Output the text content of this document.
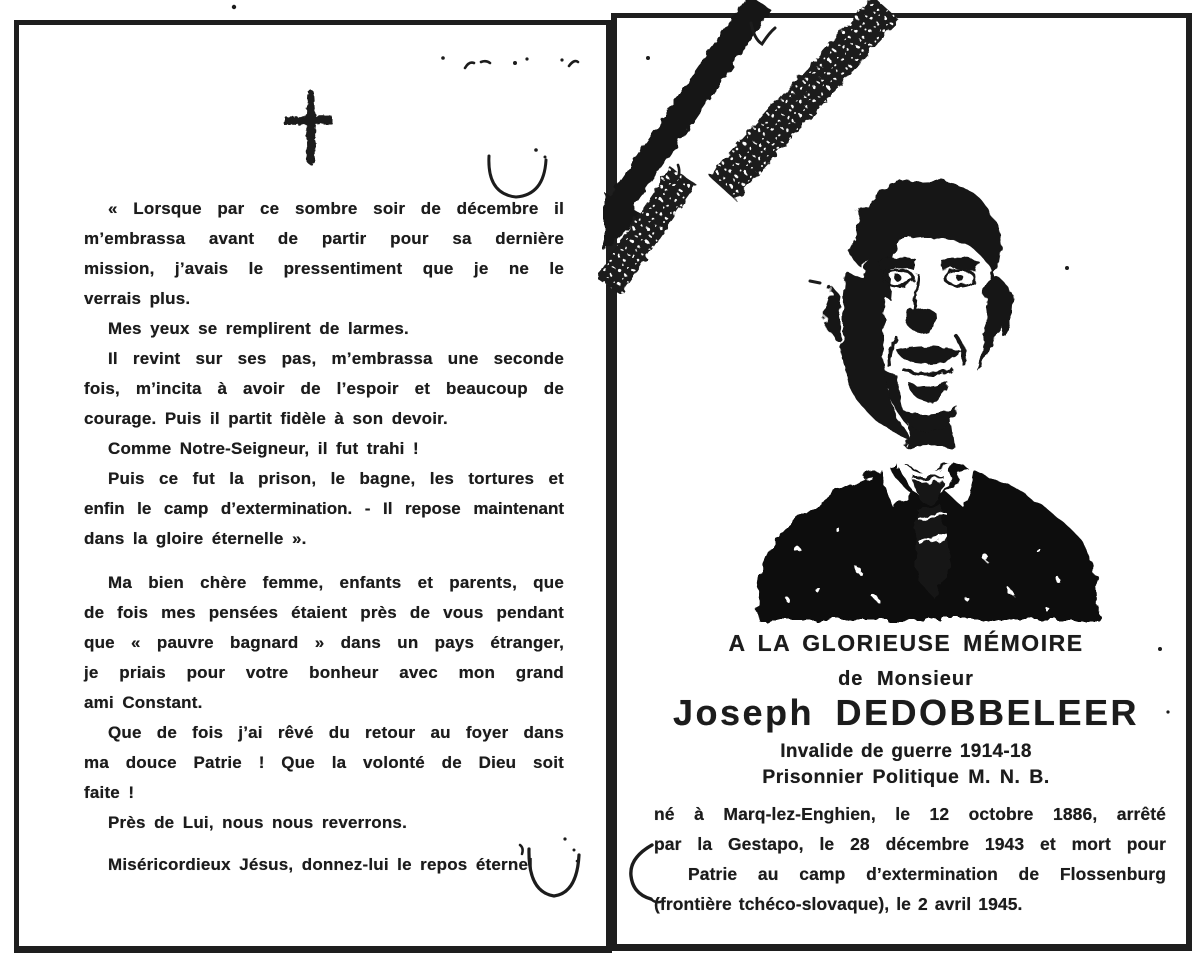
« Lorsque par ce sombre soir de décembre il
m’embrassa avant de partir pour sa dernière
mission, j’avais le pressentiment que je ne le
verrais plus.

Mes yeux se remplirent de larmes.

Il revint sur ses pas, m’embrassa une seconde
fois, m’incita à avoir de l’espoir et beaucoup de
courage. Puis il partit fidèle à son devoir.

Comme Notre-Seigneur, il fut trahi !

Puis ce fut la prison, le bagne, les tortures et
enfin le camp d’extermination. - Il repose maintenant
dans la gloire éternelle ».

Ma bien chère femme, enfants et parents, que
de fois mes pensées étaient près de vous pendant
que « pauvre bagnard » dans un pays étranger,
je priais pour votre bonheur avec mon grand
ami Constant.

Que de fois j’ai rêvé du retour au foyer dans
ma douce Patrie ! Que la volonté de Dieu soit
faite !

Près de Lui, nous nous reverrons.

Miséricordieux Jésus, donnez-lui le repos éternel

A LA GLORIEUSE MÉMOIRE
de Monsieur
Joseph DEDOBBELEER
Invalide de guerre 1914-18
Prisonnier Politique M. N. B.
né à Marq-lez-Enghien, le 12 octobre 1886, arrêté
par la Gestapo, le 28 décembre 1943 et mort pour
Patrie au camp d’extermination de Flossenburg
(frontière tchéco-slovaque), le 2 avril 1945.
